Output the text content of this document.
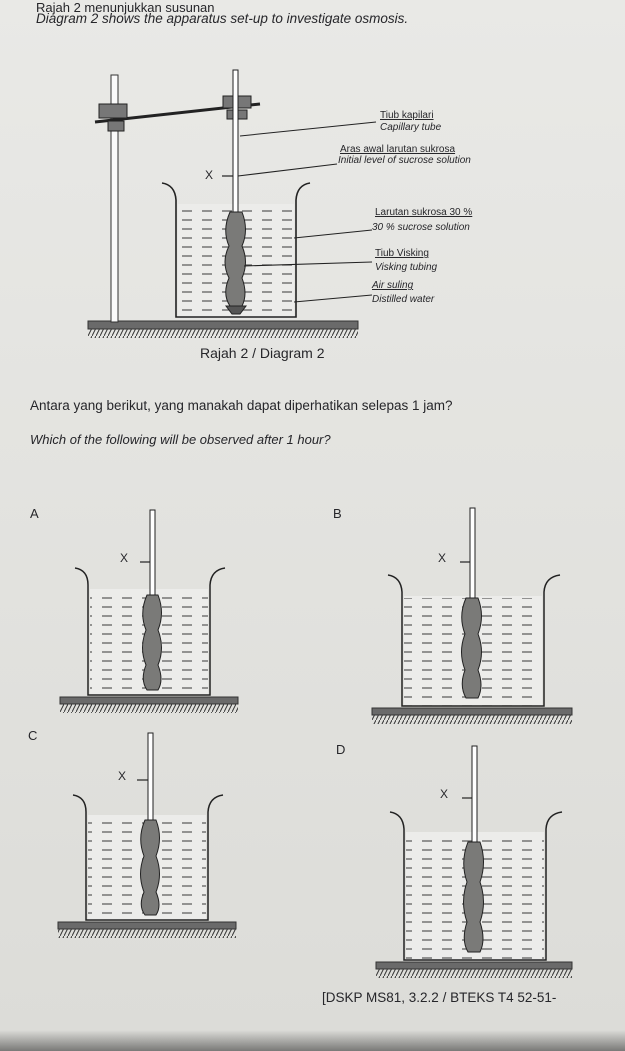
Rajah 2 menunjukkan susunan
Diagram 2 shows the apparatus set-up to investigate osmosis.
X
Tiub kapilari
Capillary tube
Aras awal larutan sukrosa
Initial level of sucrose solution
Larutan sukrosa 30 %
30 % sucrose solution
Tiub Visking
Visking tubing
Air suling
Distilled water
Rajah 2 / Diagram 2
Antara yang berikut, yang manakah dapat diperhatikan selepas 1 jam?
Which of the following will be observed after 1 hour?
A
X
B
X
C
X
D
X
[DSKP MS81, 3.2.2 / BTEKS T4 52-51-
